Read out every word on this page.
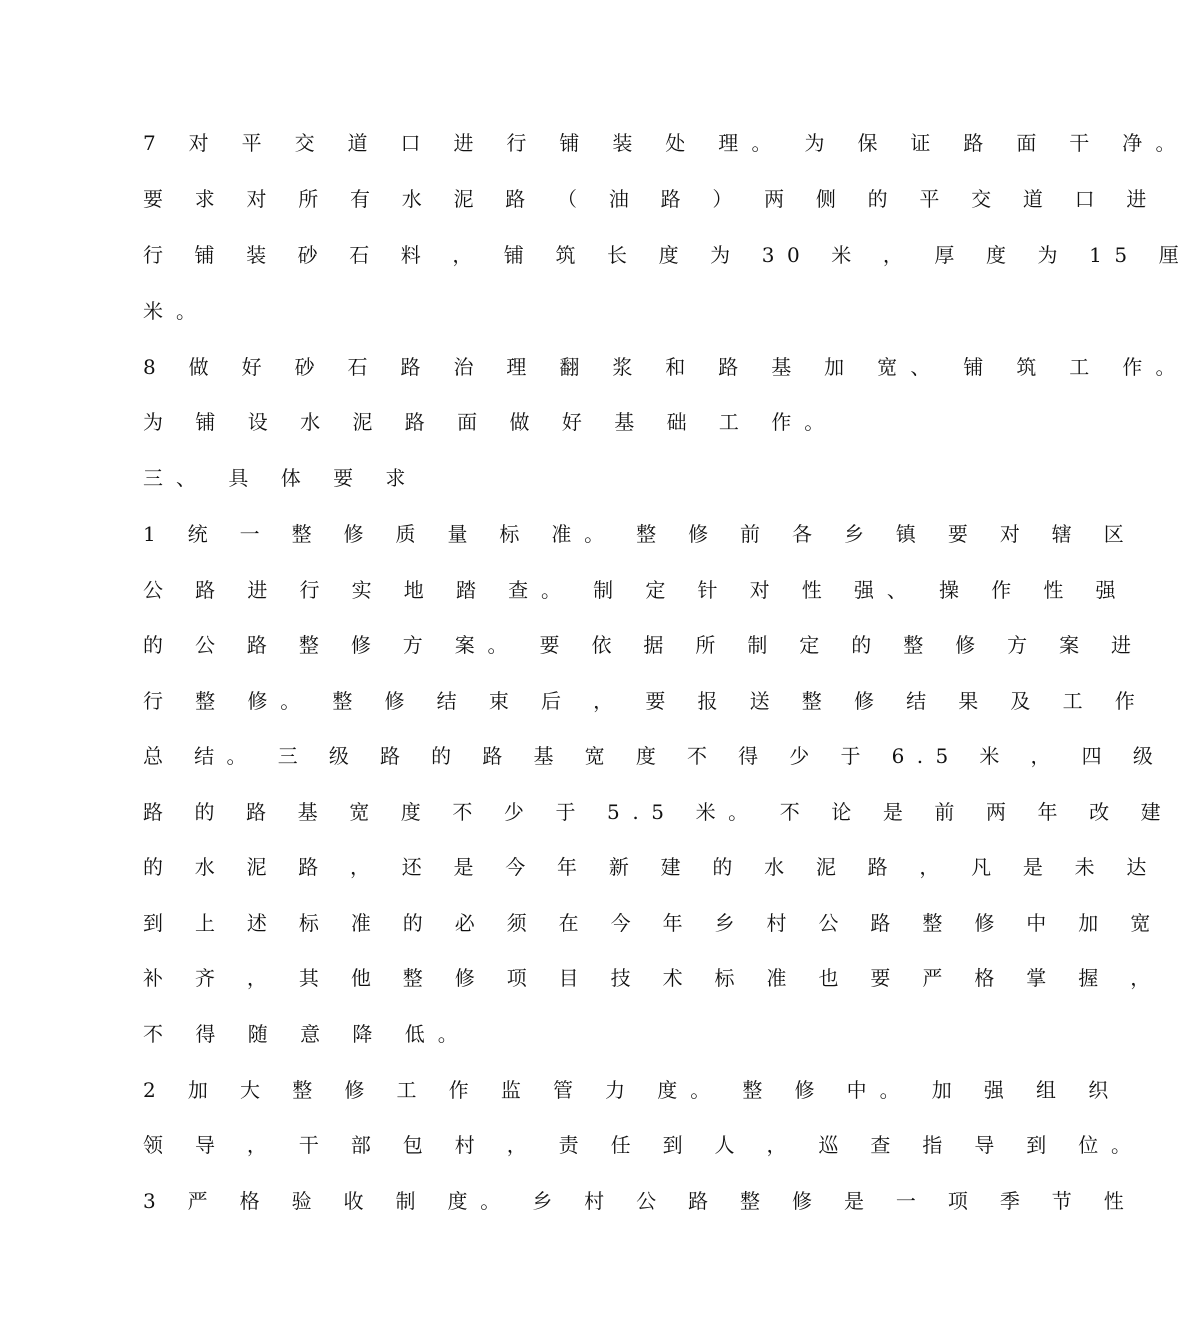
7 对 平 交 道 口 进 行 铺 装 处 理。 为 保 证 路 面 干 净。
要 求 对 所 有 水 泥 路 （ 油 路 ） 两 侧 的 平 交 道 口 进
行 铺 装 砂 石 料 ， 铺 筑 长 度 为 30 米 ， 厚 度 为 15 厘
米。
8 做 好 砂 石 路 治 理 翻 浆 和 路 基 加 宽、 铺 筑 工 作。
为 铺 设 水 泥 路 面 做 好 基 础 工 作。
三、 具 体 要 求
1 统 一 整 修 质 量 标 准。 整 修 前 各 乡 镇 要 对 辖 区
公 路 进 行 实 地 踏 查。 制 定 针 对 性 强、 操 作 性 强
的 公 路 整 修 方 案。 要 依 据 所 制 定 的 整 修 方 案 进
行 整 修。 整 修 结 束 后 ， 要 报 送 整 修 结 果 及 工 作
总 结。 三 级 路 的 路 基 宽 度 不 得 少 于 6.5 米 ， 四 级
路 的 路 基 宽 度 不 少 于 5.5 米。 不 论 是 前 两 年 改 建
的 水 泥 路 ， 还 是 今 年 新 建 的 水 泥 路 ， 凡 是 未 达
到 上 述 标 准 的 必 须 在 今 年 乡 村 公 路 整 修 中 加 宽
补 齐 ， 其 他 整 修 项 目 技 术 标 准 也 要 严 格 掌 握 ，
不 得 随 意 降 低。
2 加 大 整 修 工 作 监 管 力 度。 整 修 中。 加 强 组 织
领 导 ， 干 部 包 村 ， 责 任 到 人 ， 巡 查 指 导 到 位。
3 严 格 验 收 制 度。 乡 村 公 路 整 修 是 一 项 季 节 性
